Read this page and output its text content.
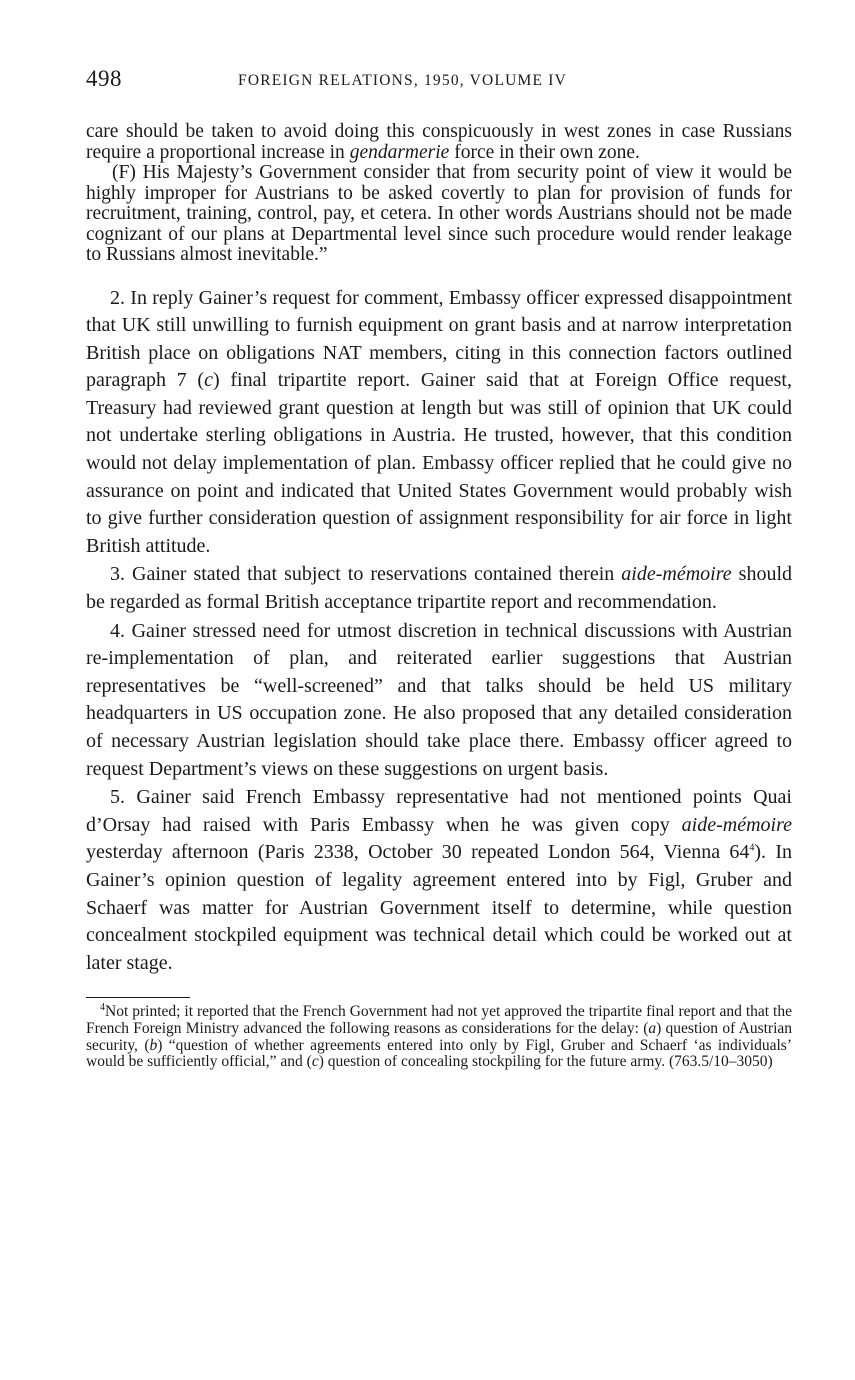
498	FOREIGN RELATIONS, 1950, VOLUME IV

care should be taken to avoid doing this conspicuously in west zones in case Russians require a proportional increase in gendarmerie force in their own zone.

(F) His Majesty’s Government consider that from security point of view it would be highly improper for Austrians to be asked covertly to plan for provision of funds for recruitment, training, control, pay, et cetera. In other words Austrians should not be made cognizant of our plans at Departmental level since such procedure would render leakage to Russians almost inevitable.”

2. In reply Gainer’s request for comment, Embassy officer expressed disappointment that UK still unwilling to furnish equipment on grant basis and at narrow interpretation British place on obligations NAT members, citing in this connection factors outlined paragraph 7 (c) final tripartite report. Gainer said that at Foreign Office request, Treasury had reviewed grant question at length but was still of opinion that UK could not undertake sterling obligations in Austria. He trusted, however, that this condition would not delay implementation of plan. Embassy officer replied that he could give no assurance on point and indicated that United States Government would probably wish to give further consideration question of assignment responsibility for air force in light British attitude.

3. Gainer stated that subject to reservations contained therein aide-mémoire should be regarded as formal British acceptance tripartite report and recommendation.

4. Gainer stressed need for utmost discretion in technical discussions with Austrian re-implementation of plan, and reiterated earlier suggestions that Austrian representatives be “well-screened” and that talks should be held US military headquarters in US occupation zone. He also proposed that any detailed consideration of necessary Austrian legislation should take place there. Embassy officer agreed to request Department’s views on these suggestions on urgent basis.

5. Gainer said French Embassy representative had not mentioned points Quai d’Orsay had raised with Paris Embassy when he was given copy aide-mémoire yesterday afternoon (Paris 2338, October 30 repeated London 564, Vienna $64^4$). In Gainer’s opinion question of legality agreement entered into by Figl, Gruber and Schaerf was matter for Austrian Government itself to determine, while question concealment stockpiled equipment was technical detail which could be worked out at later stage.

$^4$Not printed; it reported that the French Government had not yet approved the tripartite final report and that the French Foreign Ministry advanced the following reasons as considerations for the delay: (a) question of Austrian security, (b) “question of whether agreements entered into only by Figl, Gruber and Schaerf ‘as individuals’ would be sufficiently official,” and (c) question of concealing stockpiling for the future army. (763.5/10–3050)
